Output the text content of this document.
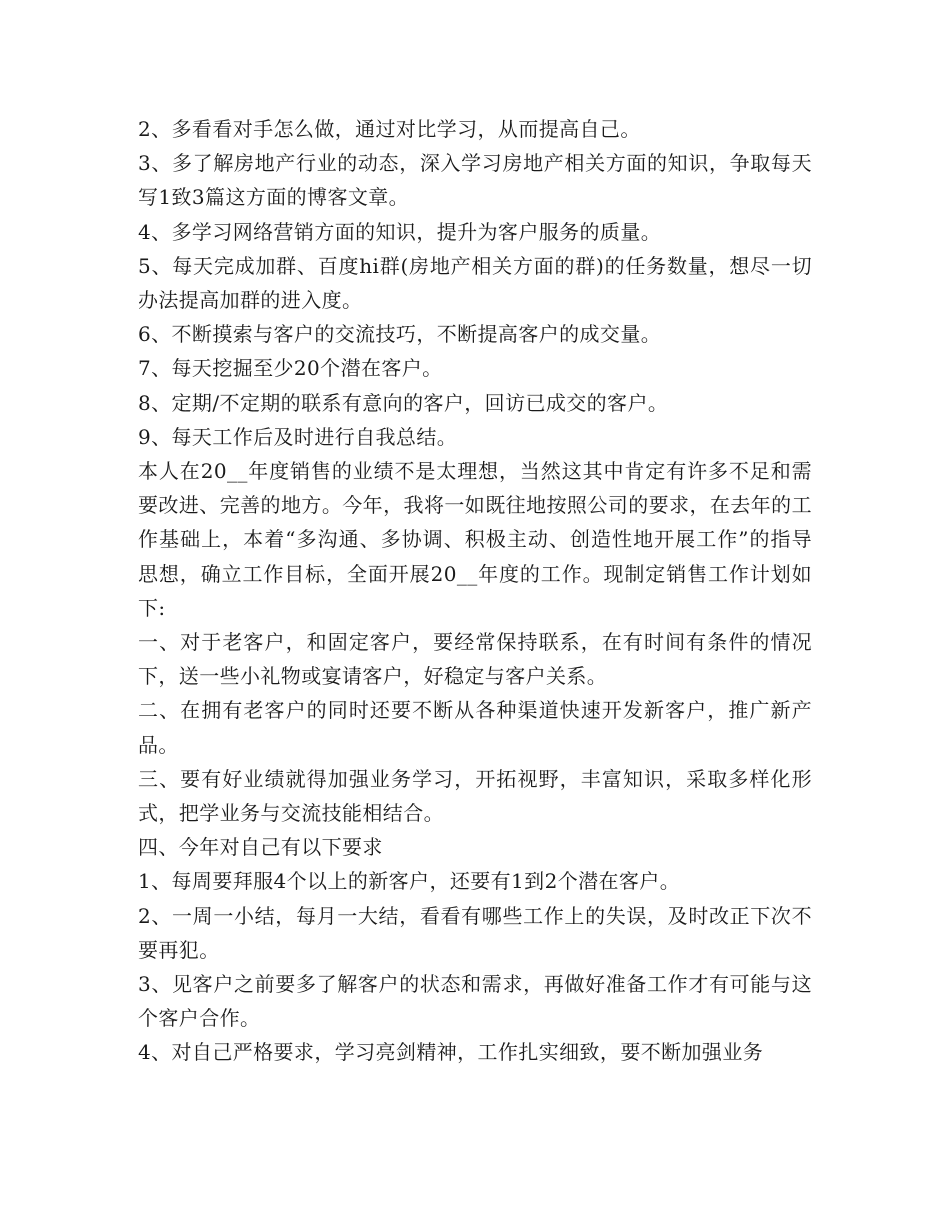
2、多看看对手怎么做，通过对比学习，从而提高自己。

3、多了解房地产行业的动态，深入学习房地产相关方面的知识，争取每天写1致3篇这方面的博客文章。

4、多学习网络营销方面的知识，提升为客户服务的质量。

5、每天完成加群、百度hi群(房地产相关方面的群)的任务数量，想尽一切办法提高加群的进入度。

6、不断摸索与客户的交流技巧，不断提高客户的成交量。

7、每天挖掘至少20个潜在客户。

8、定期/不定期的联系有意向的客户，回访已成交的客户。

9、每天工作后及时进行自我总结。

本人在20__年度销售的业绩不是太理想，当然这其中肯定有许多不足和需要改进、完善的地方。今年，我将一如既往地按照公司的要求，在去年的工作基础上，本着“多沟通、多协调、积极主动、创造性地开展工作”的指导思想，确立工作目标，全面开展20__年度的工作。现制定销售工作计划如下:

一、对于老客户，和固定客户，要经常保持联系，在有时间有条件的情况下，送一些小礼物或宴请客户，好稳定与客户关系。

二、在拥有老客户的同时还要不断从各种渠道快速开发新客户，推广新产品。

三、要有好业绩就得加强业务学习，开拓视野，丰富知识，采取多样化形式，把学业务与交流技能相结合。

四、今年对自己有以下要求

1、每周要拜服4个以上的新客户，还要有1到2个潜在客户。

2、一周一小结，每月一大结，看看有哪些工作上的失误，及时改正下次不要再犯。

3、见客户之前要多了解客户的状态和需求，再做好准备工作才有可能与这个客户合作。

4、对自己严格要求，学习亮剑精神，工作扎实细致，要不断加强业务
